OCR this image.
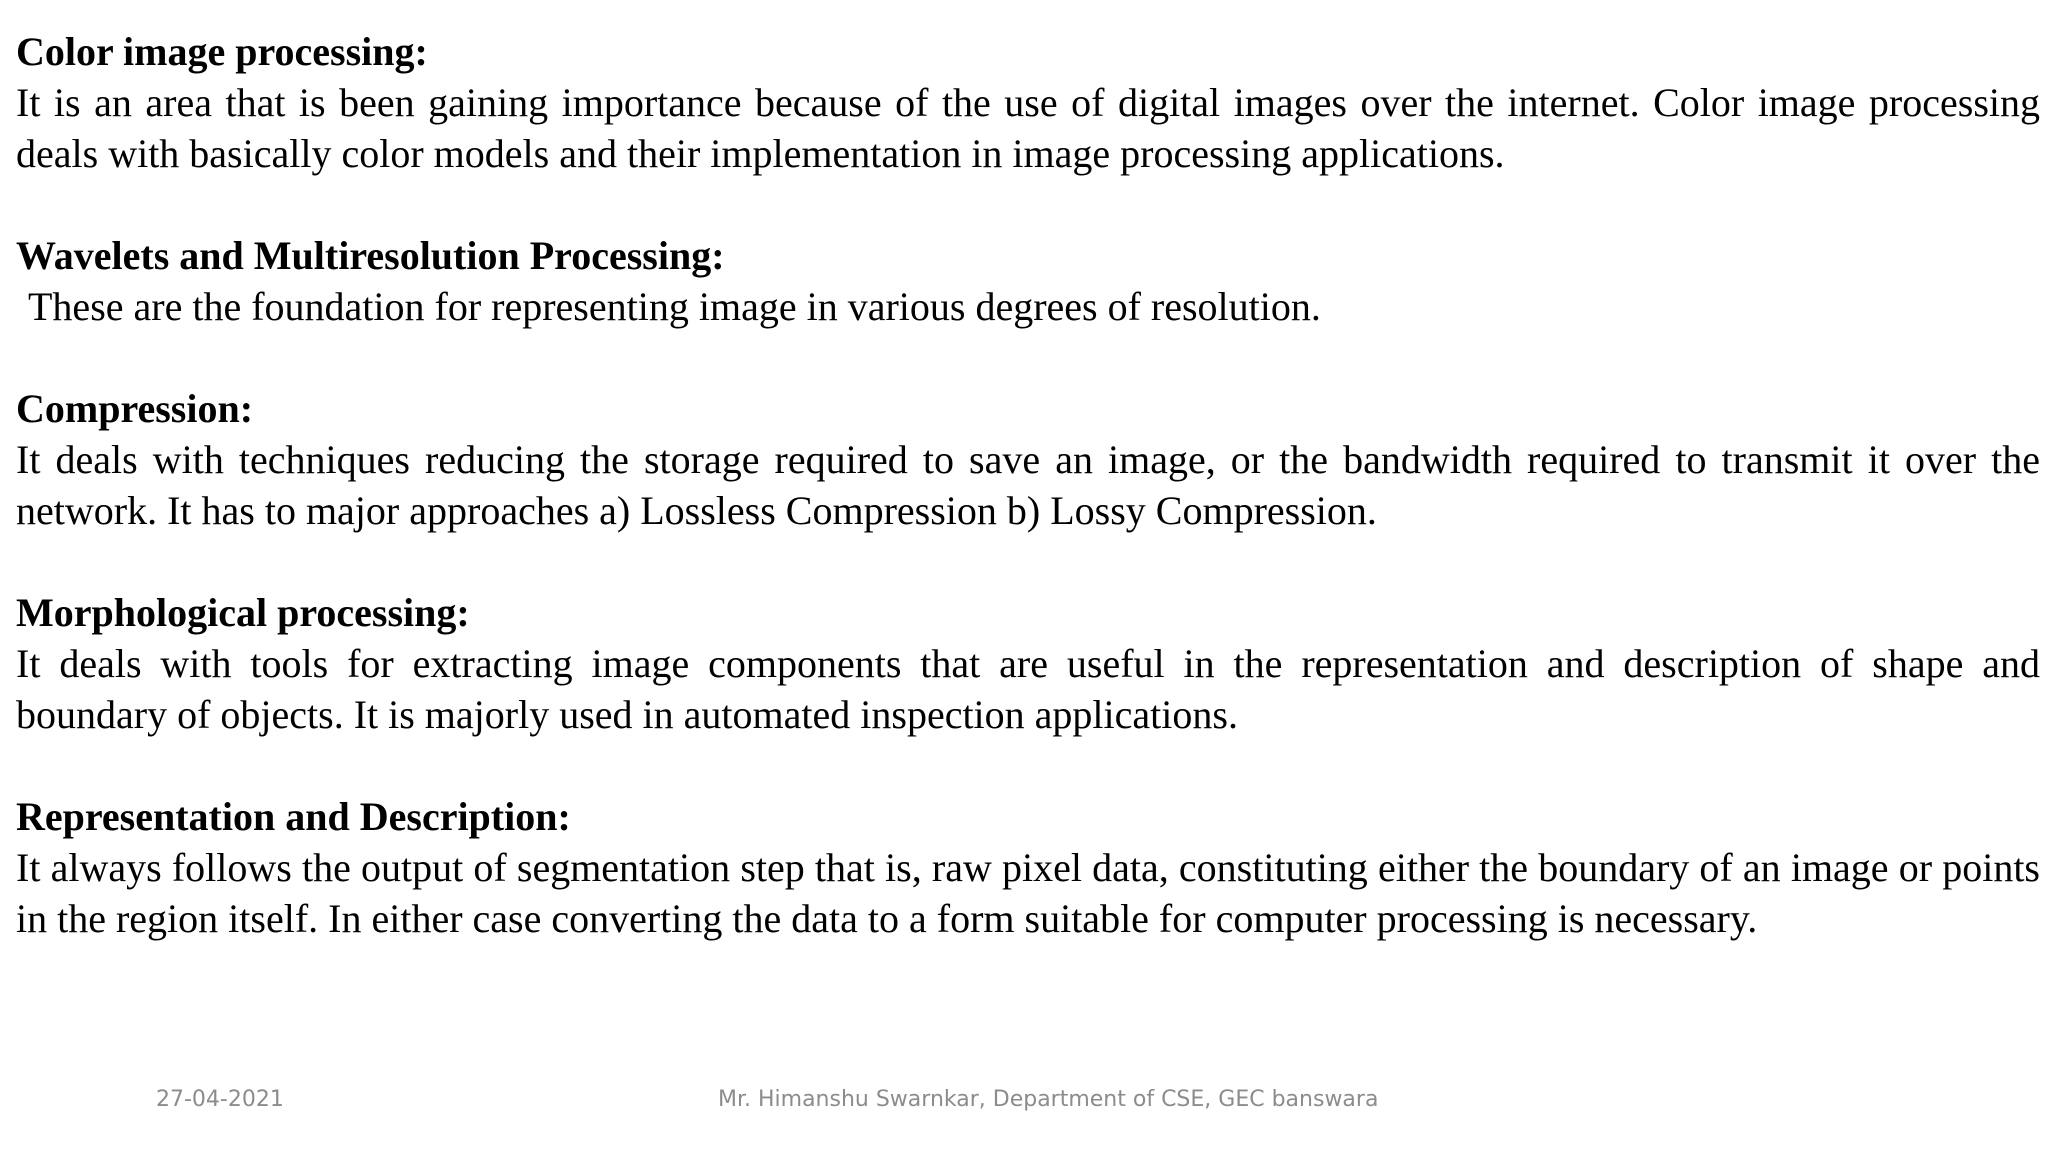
Color image processing:
It is an area that is been gaining importance because of the use of digital images over the internet. Color image processing deals with basically color models and their implementation in image processing applications.
Wavelets and Multiresolution Processing:
These are the foundation for representing image in various degrees of resolution.
Compression:
It deals with techniques reducing the storage required to save an image, or the bandwidth required to transmit it over the network. It has to major approaches a) Lossless Compression b) Lossy Compression.
Morphological processing:
It deals with tools for extracting image components that are useful in the representation and description of shape and boundary of objects. It is majorly used in automated inspection applications.
Representation and Description:
It always follows the output of segmentation step that is, raw pixel data, constituting either the boundary of an image or points in the region itself. In either case converting the data to a form suitable for computer processing is necessary.
27-04-2021	Mr. Himanshu Swarnkar, Department of CSE, GEC banswara
